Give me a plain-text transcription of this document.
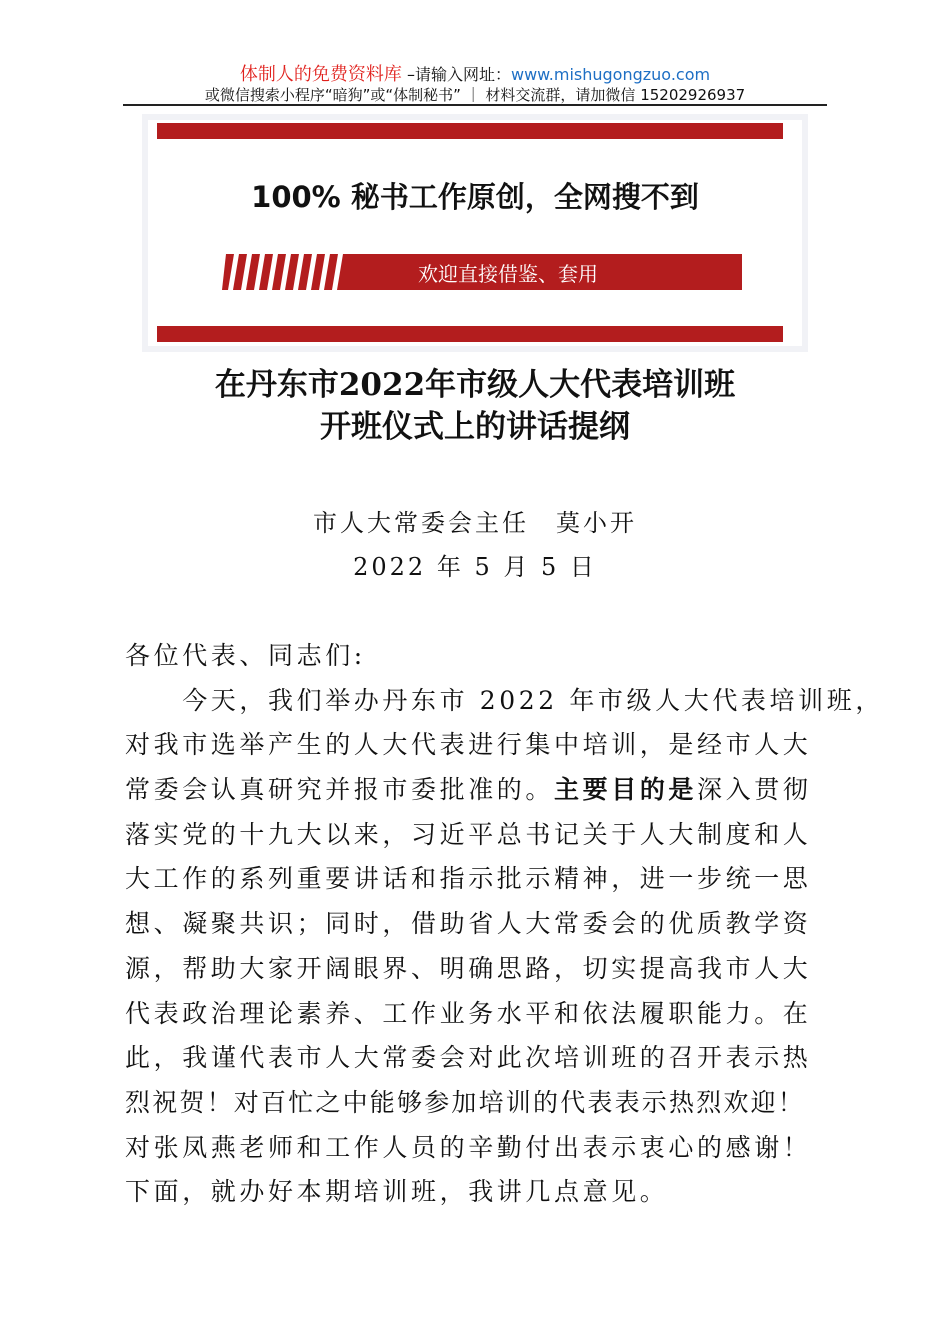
体制人的免费资料库 –请输入网址：www.mishugongzuo.com
或微信搜索小程序“暗狗”或“体制秘书” ｜ 材料交流群，请加微信 15202926937
100% 秘书工作原创，全网搜不到
欢迎直接借鉴、套用
在丹东市2022年市级人大代表培训班
开班仪式上的讲话提纲
市人大常委会主任　莫小开
2022 年 5 月 5 日
各位代表、同志们:
　　今天，我们举办丹东市 2022 年市级人大代表培训班，
对我市选举产生的人大代表进行集中培训，是经市人大
常委会认真研究并报市委批准的。主要目的是深入贯彻
落实党的十九大以来，习近平总书记关于人大制度和人
大工作的系列重要讲话和指示批示精神，进一步统一思
想、凝聚共识；同时，借助省人大常委会的优质教学资
源，帮助大家开阔眼界、明确思路，切实提高我市人大
代表政治理论素养、工作业务水平和依法履职能力。在
此，我谨代表市人大常委会对此次培训班的召开表示热
烈祝贺！对百忙之中能够参加培训的代表表示热烈欢迎！
对张凤燕老师和工作人员的辛勤付出表示衷心的感谢！
下面，就办好本期培训班，我讲几点意见。
